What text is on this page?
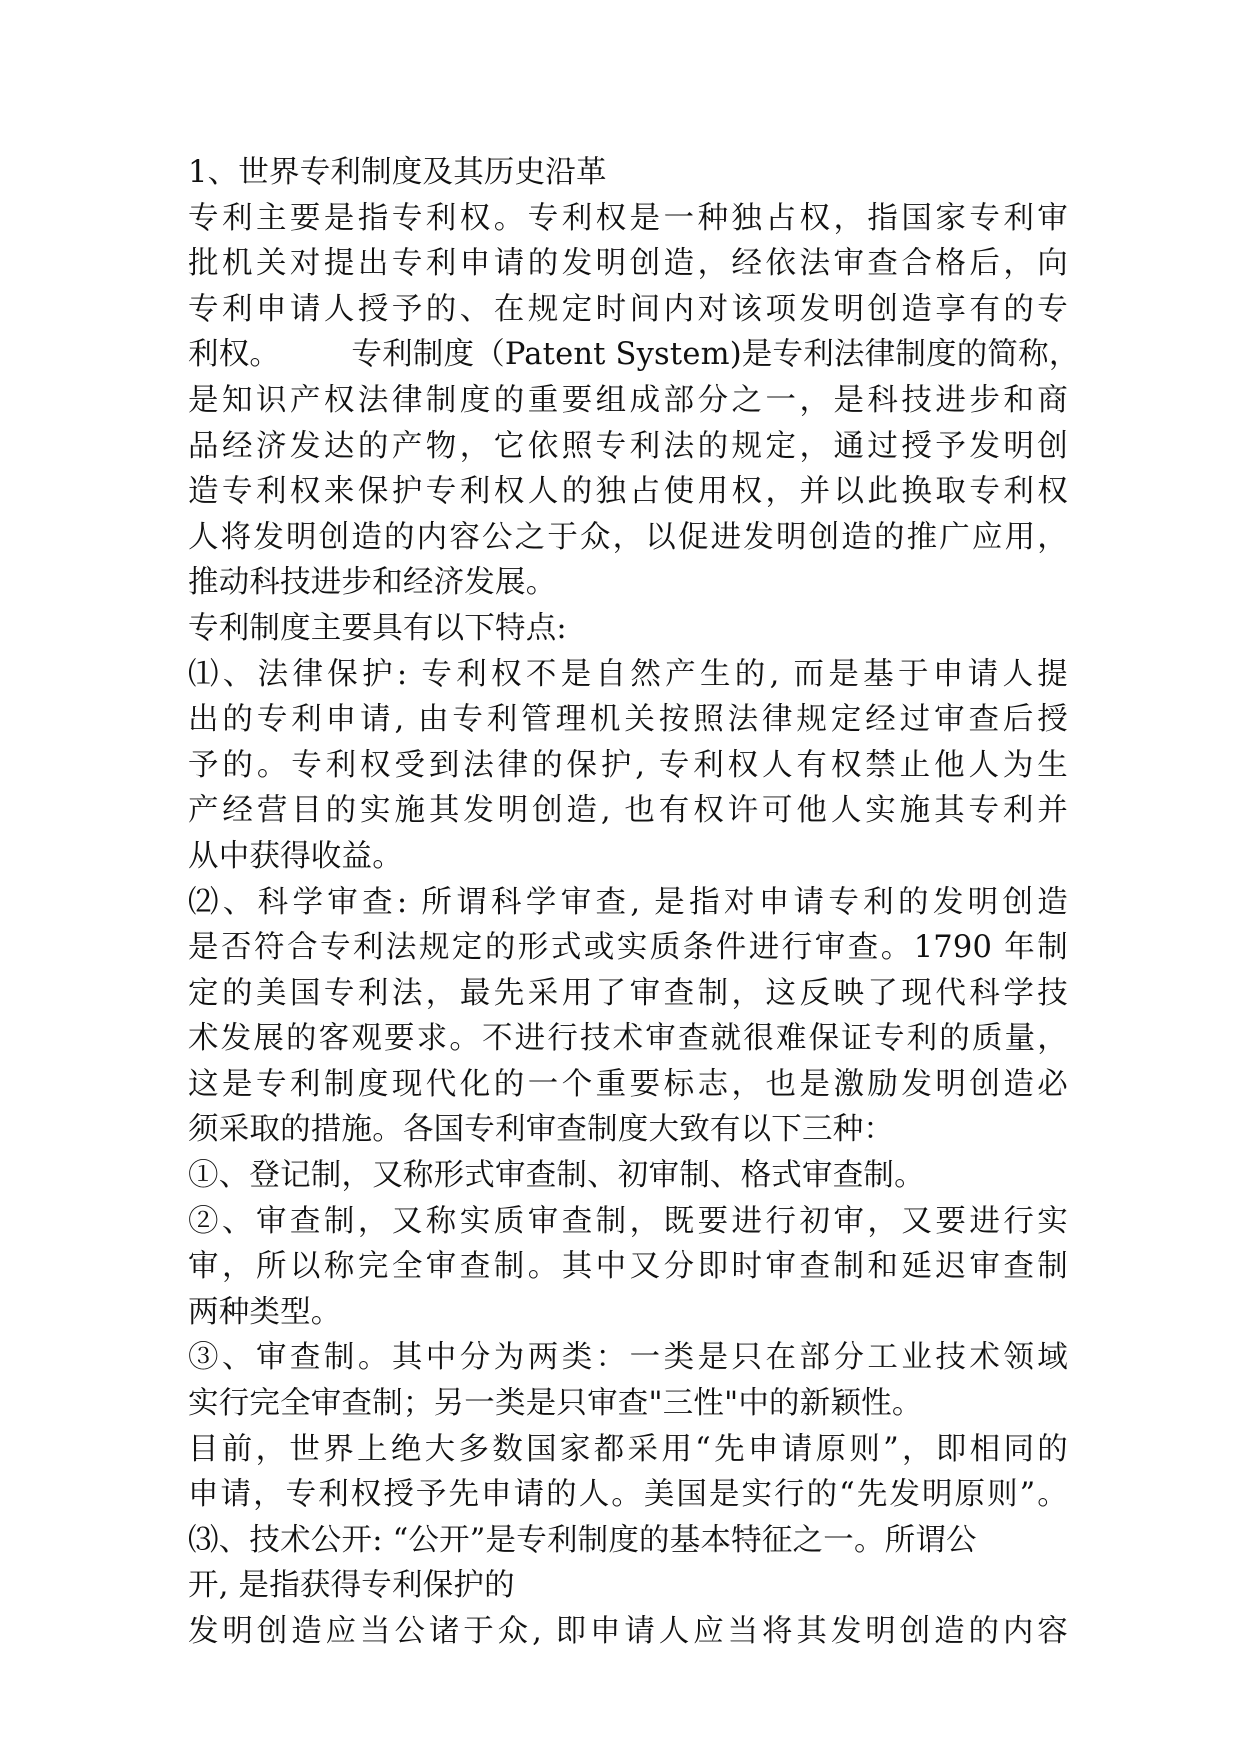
1、世界专利制度及其历史沿革
专利主要是指专利权。专利权是一种独占权，指国家专利审
批机关对提出专利申请的发明创造，经依法审查合格后，向
专利申请人授予的、在规定时间内对该项发明创造享有的专
利权。 　　专利制度（Patent System)是专利法律制度的简称，
是知识产权法律制度的重要组成部分之一，是科技进步和商
品经济发达的产物，它依照专利法的规定，通过授予发明创
造专利权来保护专利权人的独占使用权，并以此换取专利权
人将发明创造的内容公之于众，以促进发明创造的推广应用，
推动科技进步和经济发展。
专利制度主要具有以下特点:
⑴、法律保护: 专利权不是自然产生的, 而是基于申请人提
出的专利申请, 由专利管理机关按照法律规定经过审查后授
予的。专利权受到法律的保护, 专利权人有权禁止他人为生
产经营目的实施其发明创造, 也有权许可他人实施其专利并
从中获得收益。
⑵、科学审查: 所谓科学审查, 是指对申请专利的发明创造
是否符合专利法规定的形式或实质条件进行审查。1790 年制
定的美国专利法，最先采用了审查制，这反映了现代科学技
术发展的客观要求。不进行技术审查就很难保证专利的质量，
这是专利制度现代化的一个重要标志，也是激励发明创造必
须采取的措施。各国专利审查制度大致有以下三种：
①、登记制，又称形式审查制、初审制、格式审查制。
②、审查制，又称实质审查制，既要进行初审，又要进行实
审，所以称完全审查制。其中又分即时审查制和延迟审查制
两种类型。
③、审查制。其中分为两类：一类是只在部分工业技术领域
实行完全审查制；另一类是只审查"三性"中的新颖性。
目前，世界上绝大多数国家都采用“先申请原则”，即相同的
申请，专利权授予先申请的人。美国是实行的“先发明原则”。
⑶、技术公开: “公开”是专利制度的基本特征之一。所谓公
开, 是指获得专利保护的
发明创造应当公诸于众, 即申请人应当将其发明创造的内容
